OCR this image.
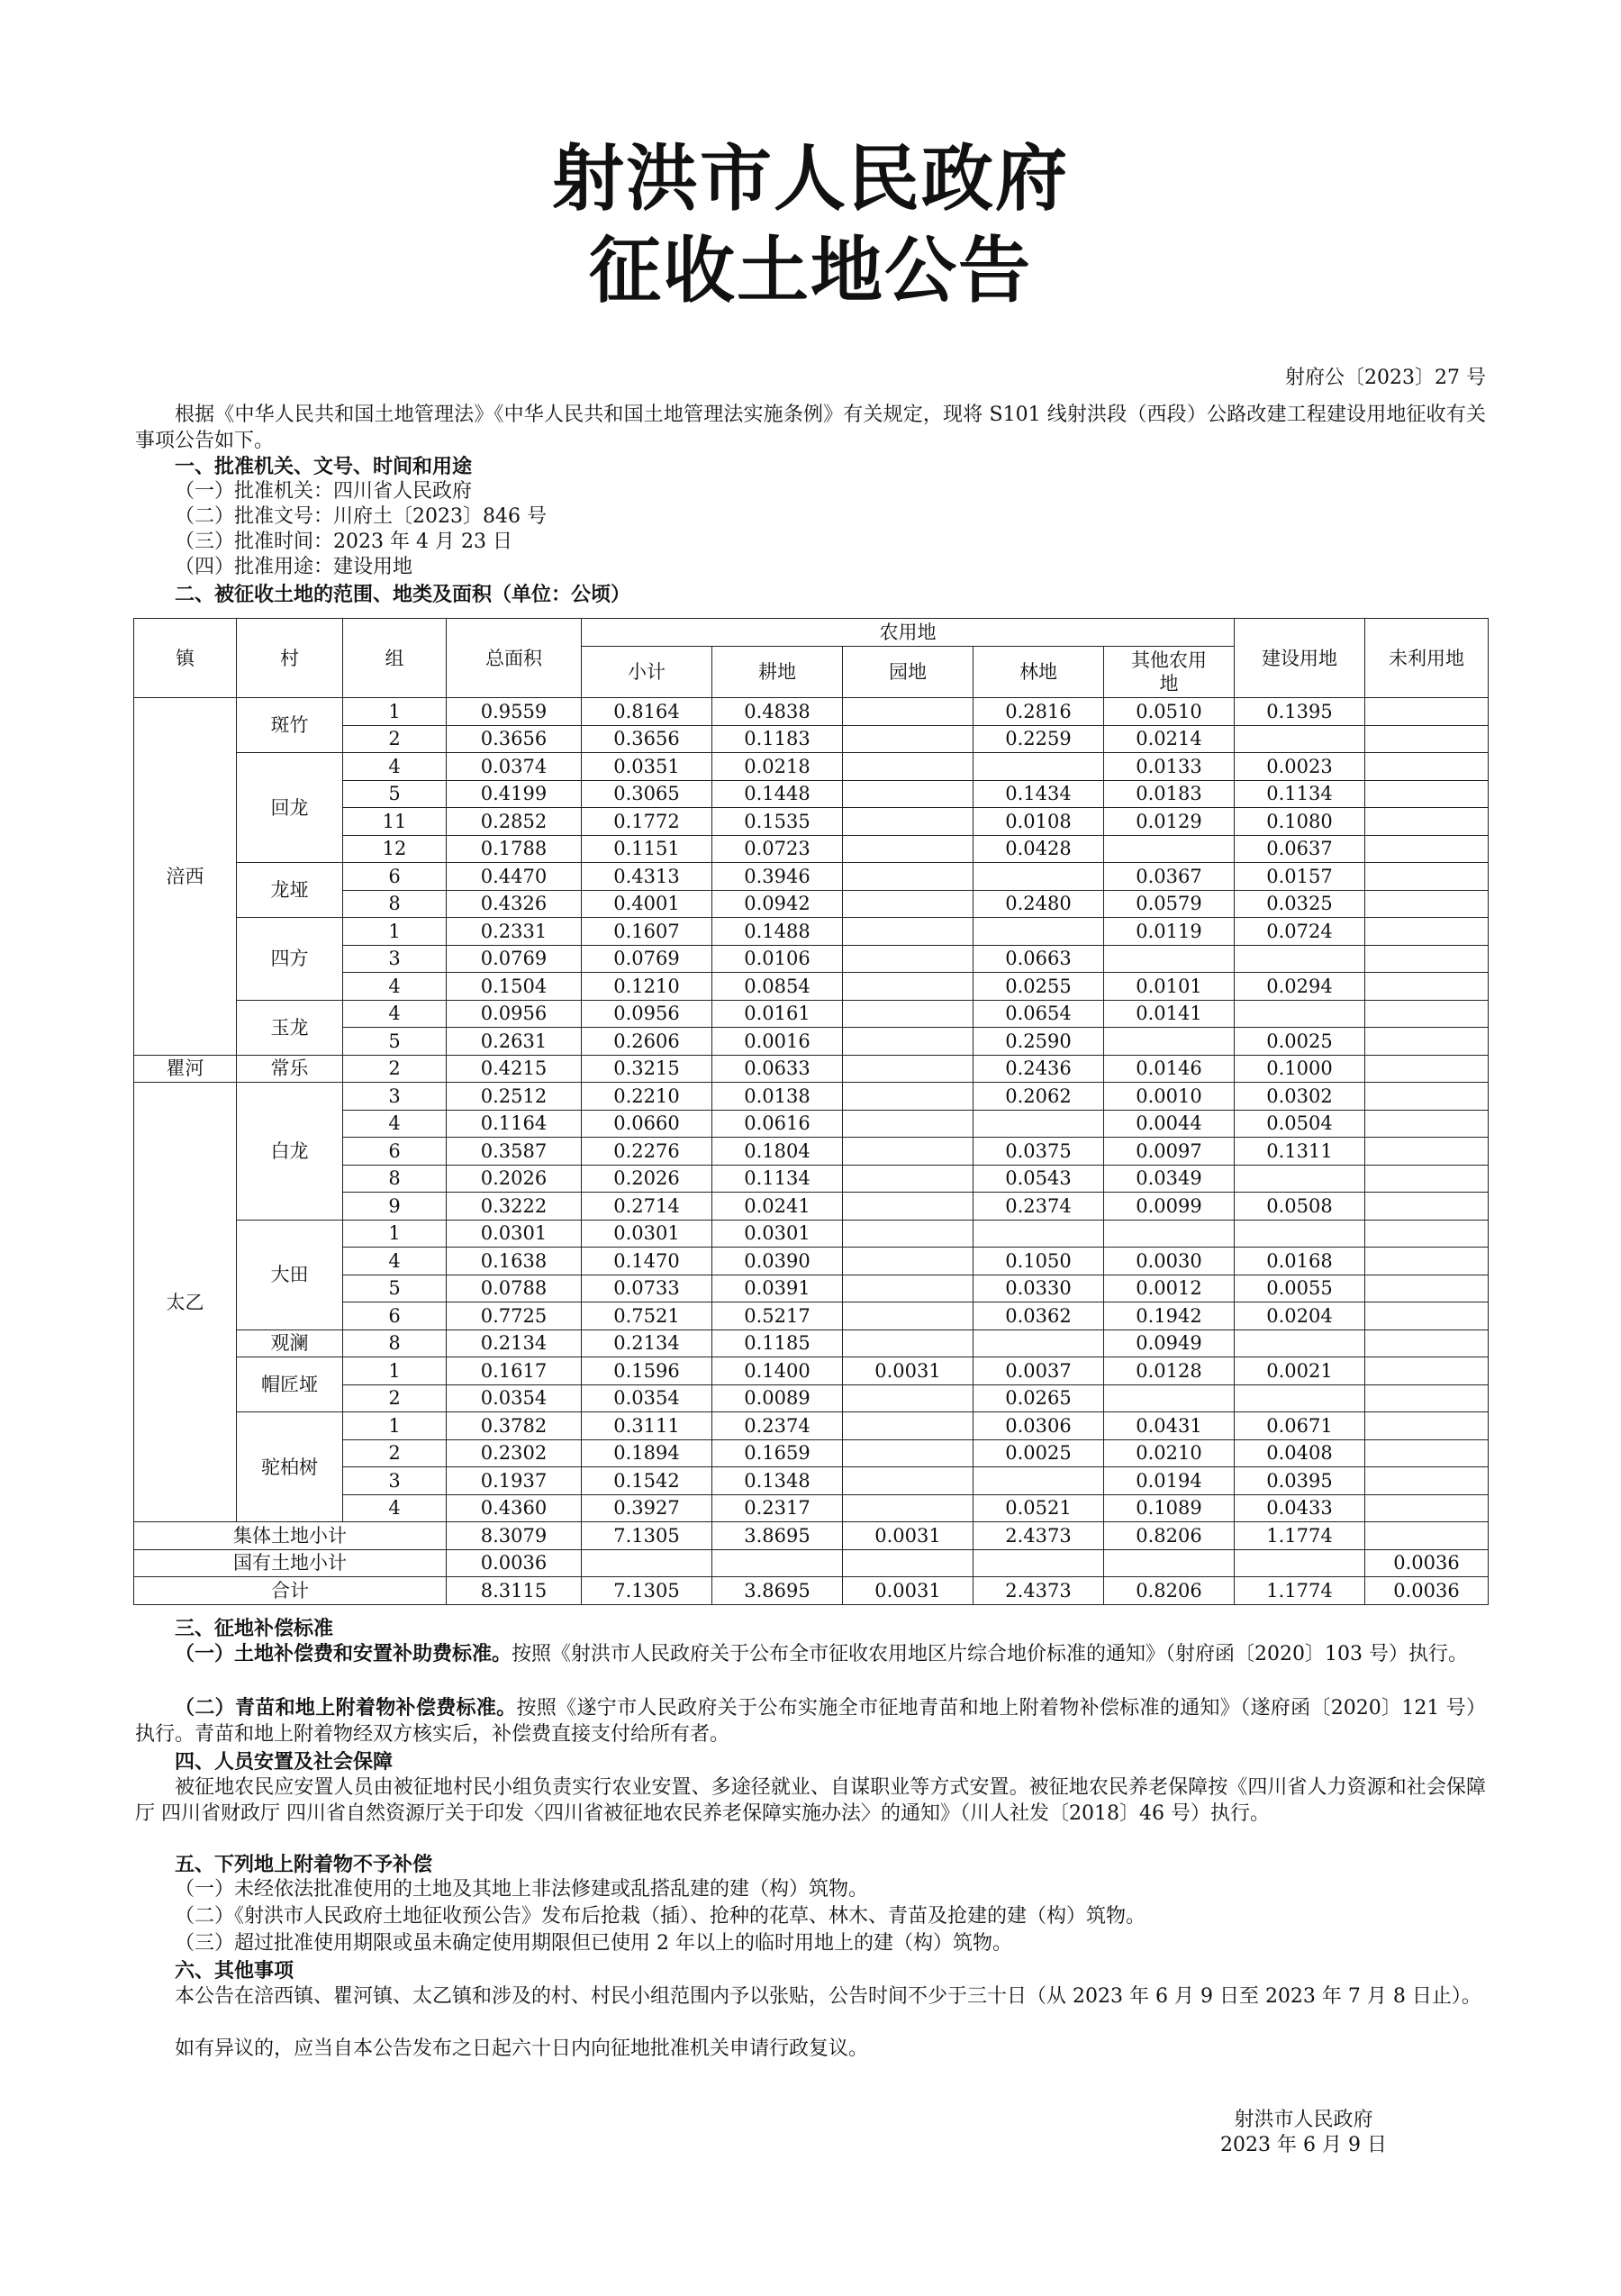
射洪市人民政府
征收土地公告
射府公〔2023〕27 号
根据《中华人民共和国土地管理法》《中华人民共和国土地管理法实施条例》有关规定，现将 S101 线射洪段（西段）公路改建工程建设用地征收有关事项公告如下。
一、批准机关、文号、时间和用途
（一）批准机关：四川省人民政府
（二）批准文号：川府土〔2023〕846 号
（三）批准时间：2023 年 4 月 23 日
（四）批准用途：建设用地
二、被征收土地的范围、地类及面积（单位：公顷）
镇	村	组	总面积	农用地					建设用地	未利用地
				小计	耕地	园地	林地	其他农用地		
涪西	斑竹	1	0.9559	0.8164	0.4838		0.2816	0.0510	0.1395	
		2	0.3656	0.3656	0.1183		0.2259	0.0214		
	回龙	4	0.0374	0.0351	0.0218			0.0133	0.0023	
		5	0.4199	0.3065	0.1448		0.1434	0.0183	0.1134	
		11	0.2852	0.1772	0.1535		0.0108	0.0129	0.1080	
		12	0.1788	0.1151	0.0723		0.0428		0.0637	
	龙垭	6	0.4470	0.4313	0.3946			0.0367	0.0157	
		8	0.4326	0.4001	0.0942		0.2480	0.0579	0.0325	
	四方	1	0.2331	0.1607	0.1488			0.0119	0.0724	
		3	0.0769	0.0769	0.0106		0.0663			
		4	0.1504	0.1210	0.0854		0.0255	0.0101	0.0294	
	玉龙	4	0.0956	0.0956	0.0161		0.0654	0.0141		
		5	0.2631	0.2606	0.0016		0.2590		0.0025	
瞿河	常乐	2	0.4215	0.3215	0.0633		0.2436	0.0146	0.1000	
太乙	白龙	3	0.2512	0.2210	0.0138		0.2062	0.0010	0.0302	
		4	0.1164	0.0660	0.0616			0.0044	0.0504	
		6	0.3587	0.2276	0.1804		0.0375	0.0097	0.1311	
		8	0.2026	0.2026	0.1134		0.0543	0.0349		
		9	0.3222	0.2714	0.0241		0.2374	0.0099	0.0508	
	大田	1	0.0301	0.0301	0.0301					
		4	0.1638	0.1470	0.0390		0.1050	0.0030	0.0168	
		5	0.0788	0.0733	0.0391		0.0330	0.0012	0.0055	
		6	0.7725	0.7521	0.5217		0.0362	0.1942	0.0204	
	观澜	8	0.2134	0.2134	0.1185			0.0949		
	帽匠垭	1	0.1617	0.1596	0.1400	0.0031	0.0037	0.0128	0.0021	
		2	0.0354	0.0354	0.0089		0.0265			
	驼柏树	1	0.3782	0.3111	0.2374		0.0306	0.0431	0.0671	
		2	0.2302	0.1894	0.1659		0.0025	0.0210	0.0408	
		3	0.1937	0.1542	0.1348			0.0194	0.0395	
		4	0.4360	0.3927	0.2317		0.0521	0.1089	0.0433	
集体土地小计			8.3079	7.1305	3.8695	0.0031	2.4373	0.8206	1.1774	
国有土地小计			0.0036							0.0036
合计			8.3115	7.1305	3.8695	0.0031	2.4373	0.8206	1.1774	0.0036
三、征地补偿标准
（一）土地补偿费和安置补助费标准。按照《射洪市人民政府关于公布全市征收农用地区片综合地价标准的通知》（射府函〔2020〕103 号）执行。
（二）青苗和地上附着物补偿费标准。按照《遂宁市人民政府关于公布实施全市征地青苗和地上附着物补偿标准的通知》（遂府函〔2020〕121 号）执行。青苗和地上附着物经双方核实后，补偿费直接支付给所有者。
四、人员安置及社会保障
被征地农民应安置人员由被征地村民小组负责实行农业安置、多途径就业、自谋职业等方式安置。被征地农民养老保障按《四川省人力资源和社会保障厅 四川省财政厅 四川省自然资源厅关于印发〈四川省被征地农民养老保障实施办法〉的通知》（川人社发〔2018〕46 号）执行。
五、下列地上附着物不予补偿
（一）未经依法批准使用的土地及其地上非法修建或乱搭乱建的建（构）筑物。
（二）《射洪市人民政府土地征收预公告》发布后抢栽（插）、抢种的花草、林木、青苗及抢建的建（构）筑物。
（三）超过批准使用期限或虽未确定使用期限但已使用 2 年以上的临时用地上的建（构）筑物。
六、其他事项
本公告在涪西镇、瞿河镇、太乙镇和涉及的村、村民小组范围内予以张贴，公告时间不少于三十日（从 2023 年 6 月 9 日至 2023 年 7 月 8 日止）。
如有异议的，应当自本公告发布之日起六十日内向征地批准机关申请行政复议。
射洪市人民政府
2023 年 6 月 9 日
